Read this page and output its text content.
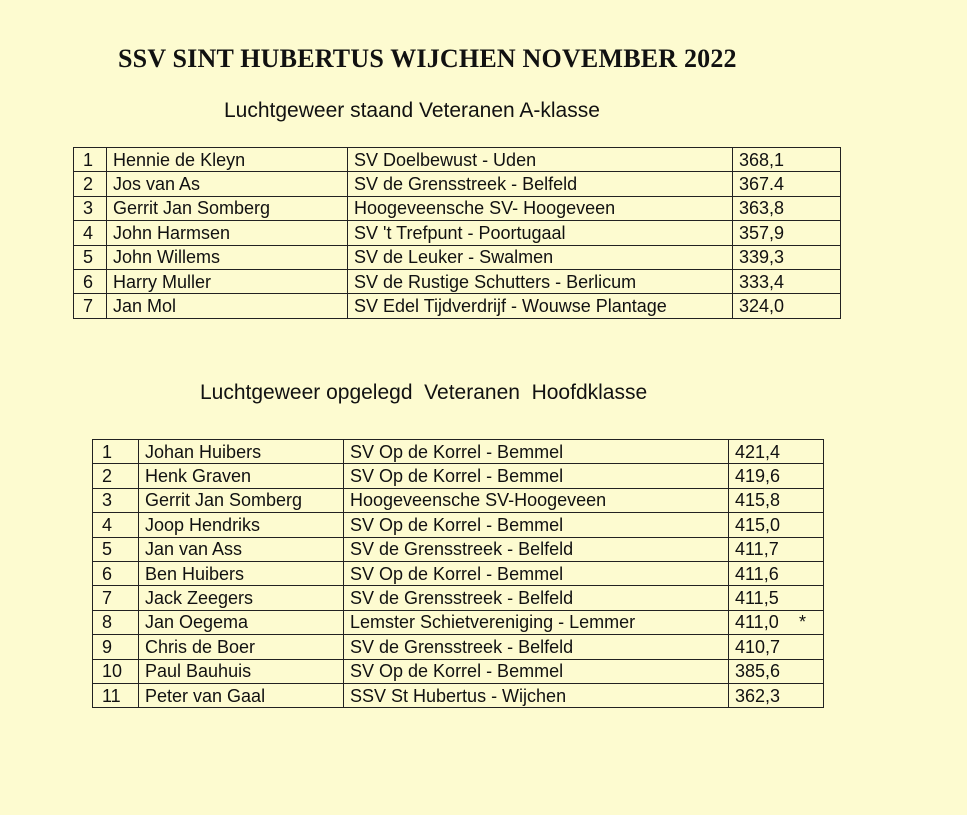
SSV SINT HUBERTUS WIJCHEN NOVEMBER 2022
Luchtgeweer staand Veteranen A-klasse
1	Hennie de Kleyn	SV Doelbewust - Uden	368,1
2	Jos van As	SV de Grensstreek - Belfeld	367.4
3	Gerrit Jan Somberg	Hoogeveensche SV- Hoogeveen	363,8
4	John Harmsen	SV 't Trefpunt - Poortugaal	357,9
5	John Willems	SV de Leuker - Swalmen	339,3
6	Harry Muller	SV de Rustige Schutters - Berlicum	333,4
7	Jan Mol	SV Edel Tijdverdrijf - Wouwse Plantage	324,0
Luchtgeweer opgelegd  Veteranen  Hoofdklasse
1	Johan Huibers	SV Op de Korrel - Bemmel	421,4
2	Henk Graven	SV Op de Korrel - Bemmel	419,6
3	Gerrit Jan Somberg	Hoogeveensche SV-Hoogeveen	415,8
4	Joop Hendriks	SV Op de Korrel - Bemmel	415,0
5	Jan van Ass	SV de Grensstreek - Belfeld	411,7
6	Ben Huibers	SV Op de Korrel - Bemmel	411,6
7	Jack Zeegers	SV de Grensstreek - Belfeld	411,5
8	Jan Oegema	Lemster Schietvereniging - Lemmer	411,0 *

9	Chris de Boer	SV de Grensstreek - Belfeld	410,7
10	Paul Bauhuis	SV Op de Korrel - Bemmel	385,6
11	Peter van Gaal	SSV St Hubertus - Wijchen	362,3
